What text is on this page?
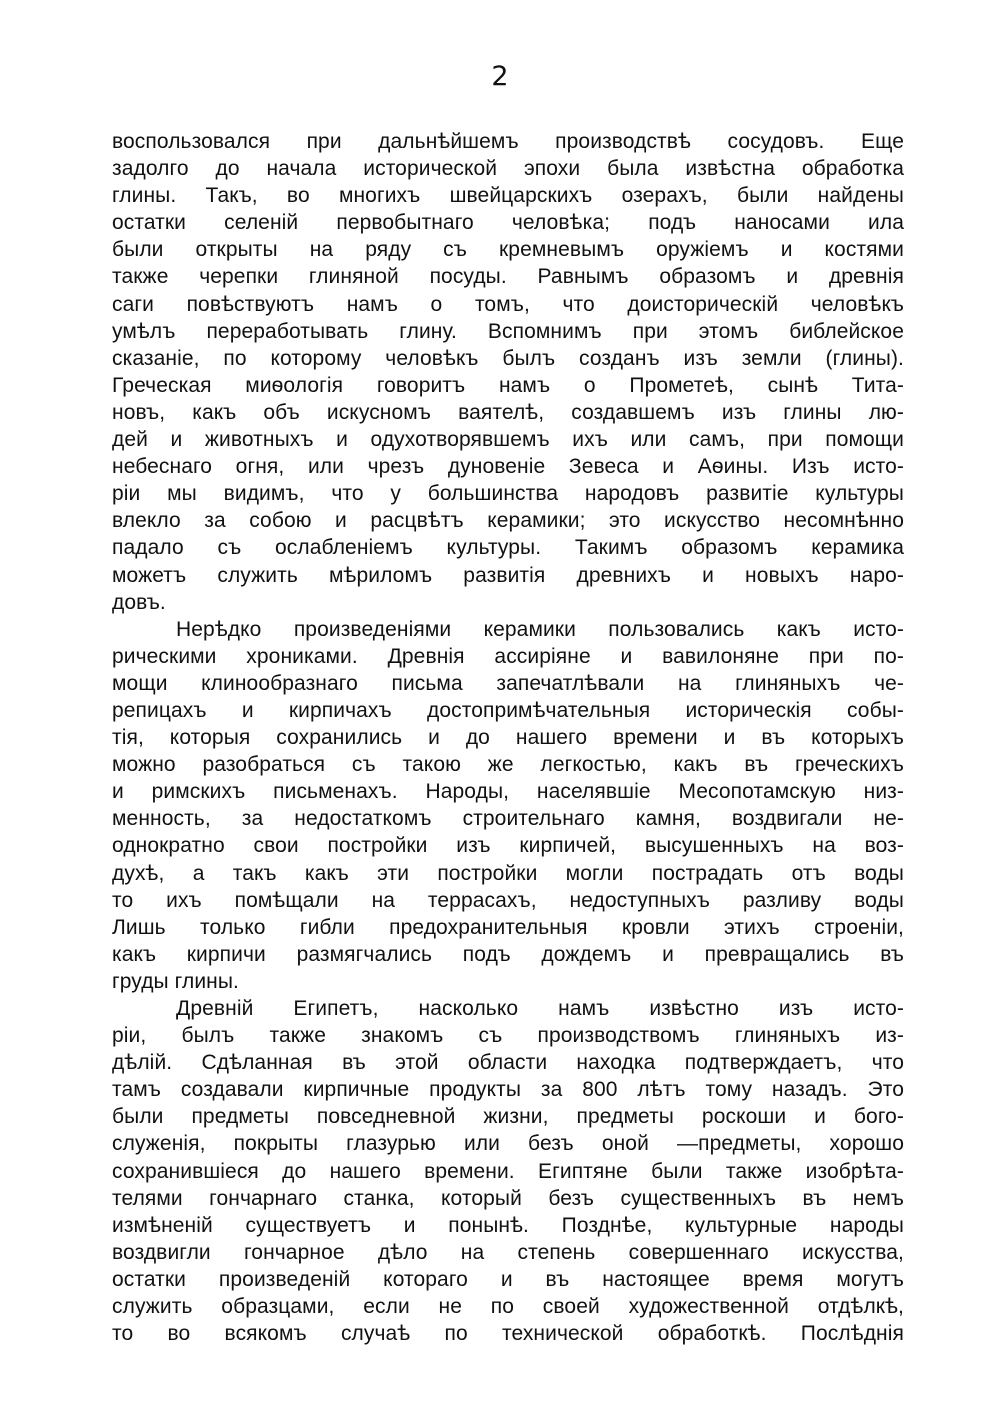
2
воспользовался при дальнѣйшемъ производствѣ сосудовъ. Еще
задолго до начала исторической эпохи была извѣстна обработка
глины. Такъ, во многихъ швейцарскихъ озерахъ, были найдены
остатки селеній первобытнаго человѣка; подъ наносами ила
были открыты на ряду съ кремневымъ оружіемъ и костями
также черепки глиняной посуды. Равнымъ образомъ и древнія
саги повѣствуютъ намъ о томъ, что доисторическій человѣкъ
умѣлъ переработывать глину. Вспомнимъ при этомъ библейское
сказаніе, по которому человѣкъ былъ созданъ изъ земли (глины).
Греческая миѳологія говоритъ намъ о Прометеѣ, сынѣ Тита-
новъ, какъ объ искусномъ ваятелѣ, создавшемъ изъ глины лю-
дей и животныхъ и одухотворявшемъ ихъ или самъ, при помощи
небеснаго огня, или чрезъ дуновеніе Зевеса и Аѳины. Изъ исто-
ріи мы видимъ, что у большинства народовъ развитіе культуры
влекло за собою и расцвѣтъ керамики; это искусство несомнѣнно
падало съ ослабленіемъ культуры. Такимъ образомъ керамика
можетъ служить мѣриломъ развитія древнихъ и новыхъ наро-
довъ.
Нерѣдко произведеніями керамики пользовались какъ исто-
рическими хрониками. Древнія ассиріяне и вавилоняне при по-
мощи клинообразнаго письма запечатлѣвали на глиняныхъ че-
репицахъ и кирпичахъ достопримѣчательныя историческія собы-
тія, которыя сохранились и до нашего времени и въ которыхъ
можно разобраться съ такою же легкостью, какъ въ греческихъ
и римскихъ письменахъ. Народы, населявшіе Месопотамскую низ-
менность, за недостаткомъ строительнаго камня, воздвигали не-
однократно свои постройки изъ кирпичей, высушенныхъ на воз-
духѣ, а такъ какъ эти постройки могли пострадать отъ воды
то ихъ помѣщали на террасахъ, недоступныхъ разливу воды
Лишь только гибли предохранительныя кровли этихъ строеніи,
какъ кирпичи размягчались подъ дождемъ и превращались въ
груды глины.
Древній Египетъ, насколько намъ извѣстно изъ исто-
ріи, былъ также знакомъ съ производствомъ глиняныхъ из-
дѣлій. Сдѣланная въ этой области находка подтверждаетъ, что
тамъ создавали кирпичные продукты за 800 лѣтъ тому назадъ. Это
были предметы повседневной жизни, предметы роскоши и бого-
служенія, покрыты глазурью или безъ оной —предметы, хорошо
сохранившіеся до нашего времени. Египтяне были также изобрѣта-
телями гончарнаго станка, который безъ существенныхъ въ немъ
измѣненій существуетъ и понынѣ. Позднѣе, культурные народы
воздвигли гончарное дѣло на степень совершеннаго искусства,
остатки произведеній котораго и въ настоящее время могутъ
служить образцами, если не по своей художественной отдѣлкѣ,
то во всякомъ случаѣ по технической обработкѣ. Послѣднія
